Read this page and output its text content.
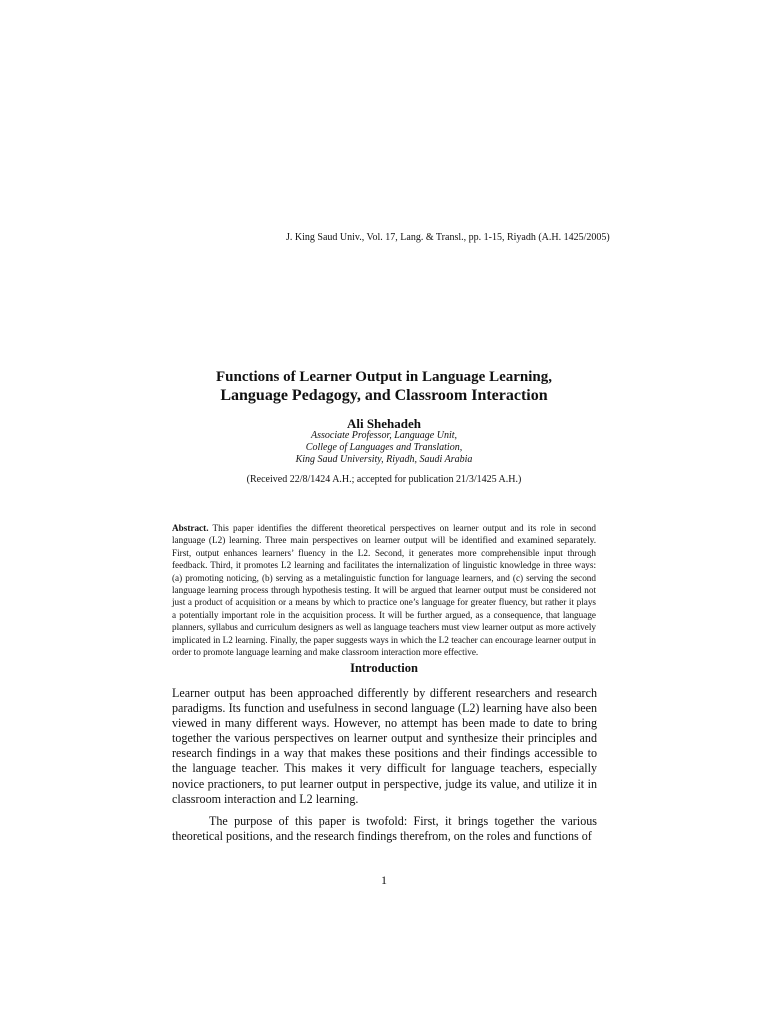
J. King Saud Univ., Vol. 17, Lang. & Transl., pp. 1-15, Riyadh (A.H. 1425/2005)
Functions of Learner Output in Language Learning,
Language Pedagogy, and Classroom Interaction
Ali Shehadeh
Associate Professor, Language Unit,
College of Languages and Translation,
King Saud University, Riyadh, Saudi Arabia
(Received 22/8/1424 A.H.; accepted for publication 21/3/1425 A.H.)
Abstract. This paper identifies the different theoretical perspectives on learner output and its role in second language (L2) learning. Three main perspectives on learner output will be identified and examined separately. First, output enhances learners’ fluency in the L2. Second, it generates more comprehensible input through feedback. Third, it promotes L2 learning and facilitates the internalization of linguistic knowledge in three ways: (a) promoting noticing, (b) serving as a metalinguistic function for language learners, and (c) serving the second language learning process through hypothesis testing. It will be argued that learner output must be considered not just a product of acquisition or a means by which to practice one’s language for greater fluency, but rather it plays a potentially important role in the acquisition process. It will be further argued, as a consequence, that language planners, syllabus and curriculum designers as well as language teachers must view learner output as more actively implicated in L2 learning. Finally, the paper suggests ways in which the L2 teacher can encourage learner output in order to promote language learning and make classroom interaction more effective.
Introduction
Learner output has been approached differently by different researchers and research paradigms. Its function and usefulness in second language (L2) learning have also been viewed in many different ways. However, no attempt has been made to date to bring together the various perspectives on learner output and synthesize their principles and research findings in a way that makes these positions and their findings accessible to the language teacher. This makes it very difficult for language teachers, especially novice practioners, to put learner output in perspective, judge its value, and utilize it in classroom interaction and L2 learning.
The purpose of this paper is twofold: First, it brings together the various theoretical positions, and the research findings therefrom, on the roles and functions of
1
